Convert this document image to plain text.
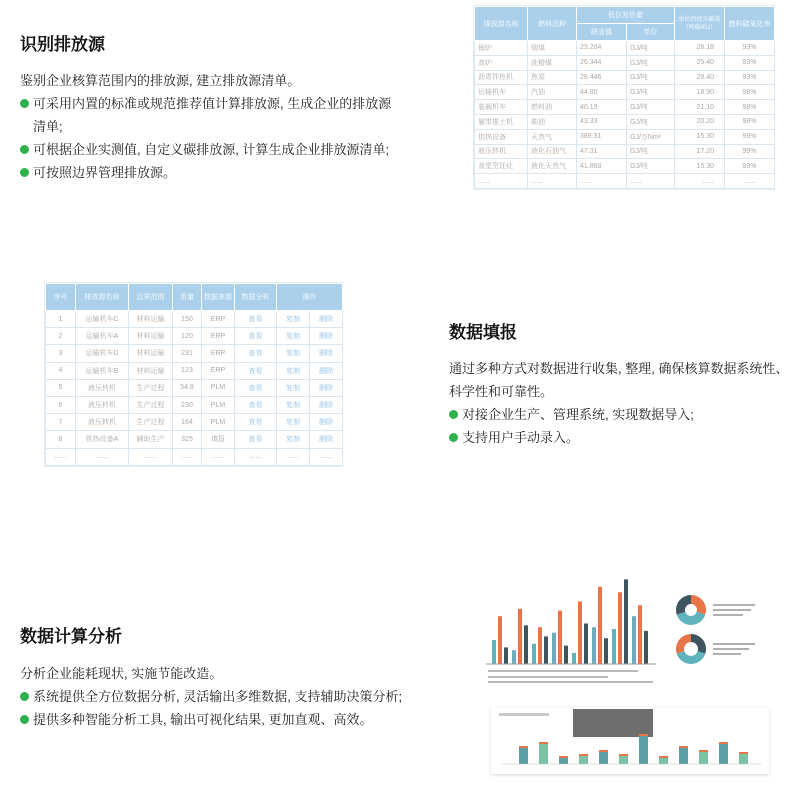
识别排放源
鉴别企业核算范围内的排放源, 建立排放源清单。
可采用内置的标准或规范推荐值计算排放源, 生成企业的排放源清单;
可根据企业实测值, 自定义碳排放源, 计算生成企业排放源清单;
可按照边界管理排放源。
排放源名称	燃料品种	低位发热量		单位热值含碳量（吨碳/GJ）	燃料碳氧化率
		缺省值	单位		
锅炉	烟煤	23.204	GJ/吨	26.18	93%
高炉	洗精煤	26.344	GJ/吨	25.40	93%
沥青拌热机	焦炭	28.446	GJ/吨	29.40	93%
运输机车	汽油	44.80	GJ/吨	18.90	98%
装载机车	燃料油	40.19	GJ/吨	21.10	98%
履带推土机	柴油	43.33	GJ/吨	20.20	98%
供热设备	天然气	389.31	GJ/万Nm³	15.30	99%
液压转机	液化石油气	47.31	GJ/吨	17.20	99%
食堂烹饪灶	液化天然气	41.868	GJ/吨	15.30	99%
......	......	......	......	......	......
序号	排放源名称	边界范围	用量	数据来源	数据分析	操作	
1	运输机车C	材料运输	150	ERP	查看	复制	删除
2	运输机车A	材料运输	120	ERP	查看	复制	删除
3	运输机车D	材料运输	231	ERP	查看	复制	删除
4	运输机车B	材料运输	123	ERP	查看	复制	删除
5	液压转机	生产过程	54.8	PLM	查看	复制	删除
6	液压转机	生产过程	230	PLM	查看	复制	删除
7	液压转机	生产过程	164	PLM	查看	复制	删除
8	供热设备A	辅助生产	325	填报	查看	复制	删除
......	......	......	......	......	......	......	......
数据填报
通过多种方式对数据进行收集, 整理, 确保核算数据系统性、科学性和可靠性。
对接企业生产、管理系统, 实现数据导入;
支持用户手动录入。
数据计算分析
分析企业能耗现状, 实施节能改造。
系统提供全方位数据分析, 灵活输出多维数据, 支持辅助决策分析;
提供多种智能分析工具, 输出可视化结果, 更加直观、高效。
